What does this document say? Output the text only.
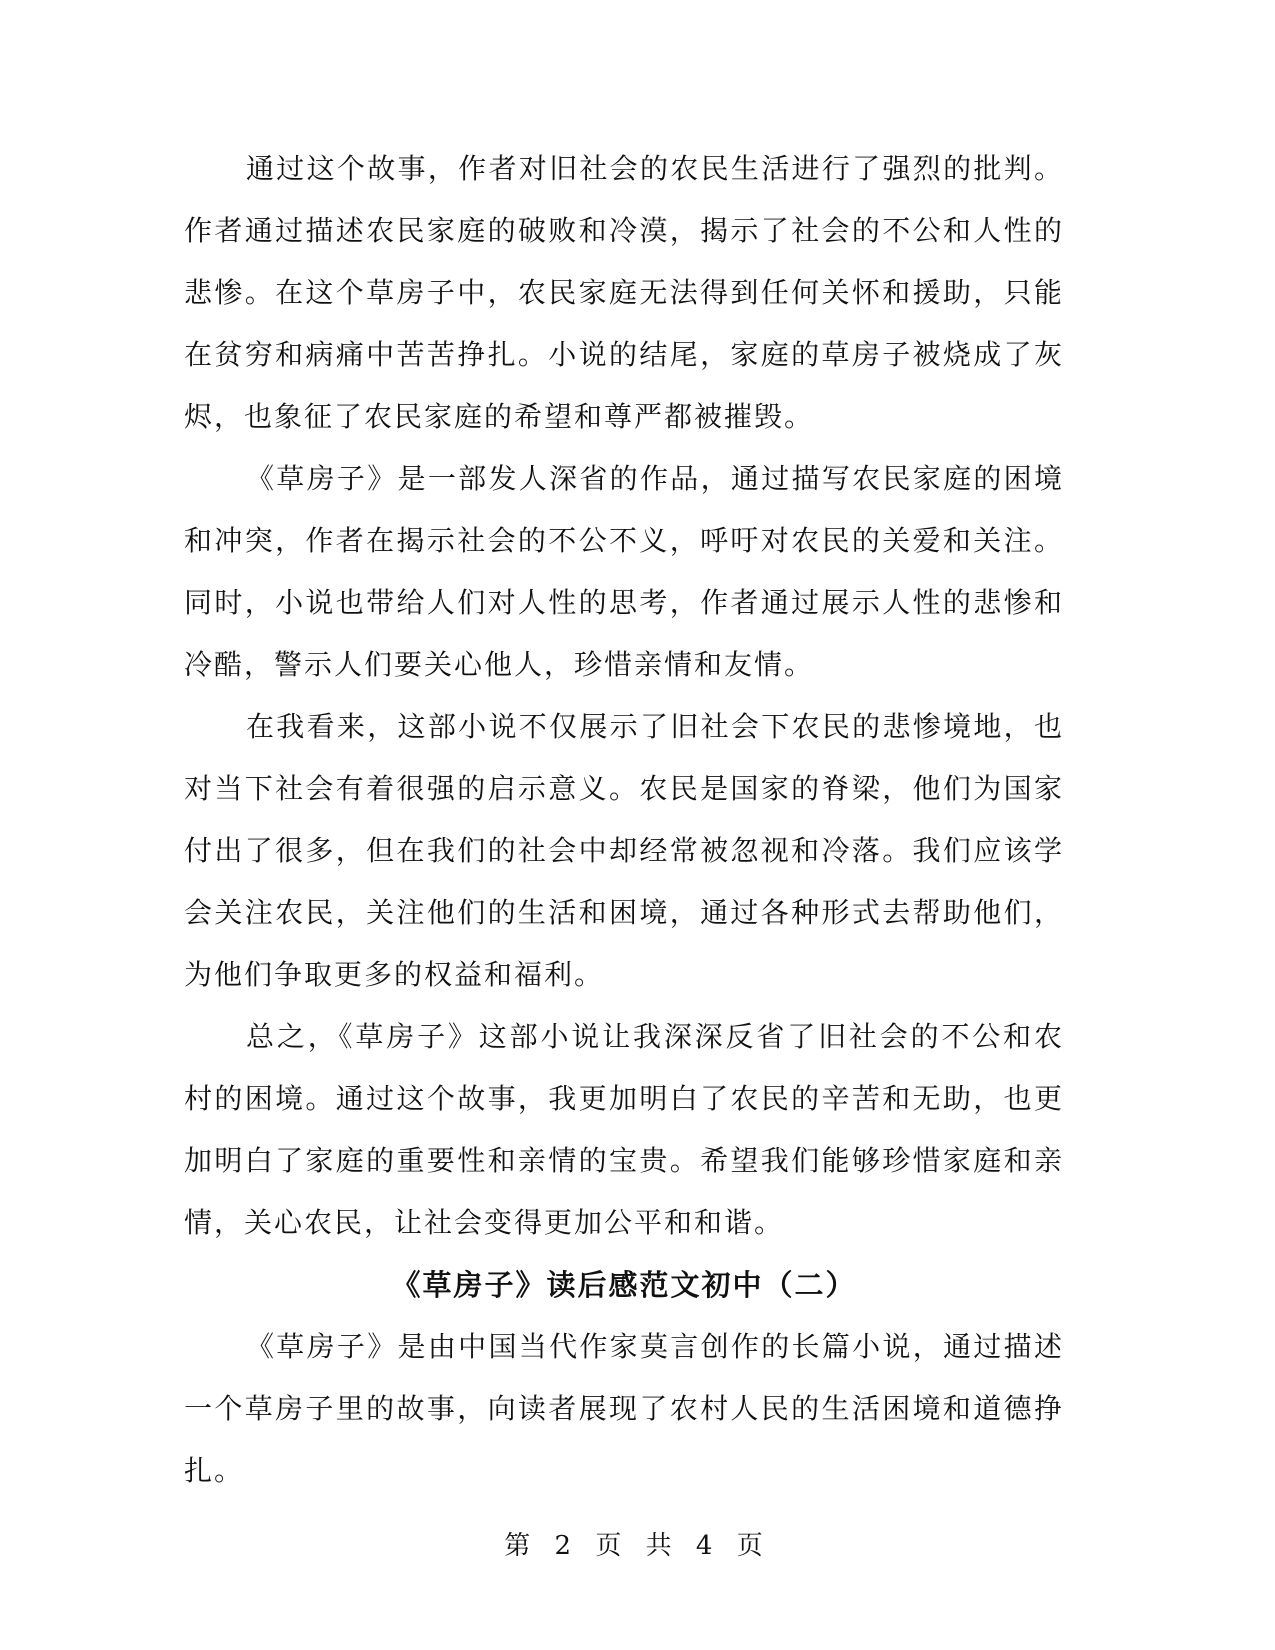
通过这个故事，作者对旧社会的农民生活进行了强烈的批判。作者通过描述农民家庭的破败和冷漠，揭示了社会的不公和人性的悲惨。在这个草房子中，农民家庭无法得到任何关怀和援助，只能在贫穷和病痛中苦苦挣扎。小说的结尾，家庭的草房子被烧成了灰烬，也象征了农民家庭的希望和尊严都被摧毁。

《草房子》是一部发人深省的作品，通过描写农民家庭的困境和冲突，作者在揭示社会的不公不义，呼吁对农民的关爱和关注。同时，小说也带给人们对人性的思考，作者通过展示人性的悲惨和冷酷，警示人们要关心他人，珍惜亲情和友情。

在我看来，这部小说不仅展示了旧社会下农民的悲惨境地，也对当下社会有着很强的启示意义。农民是国家的脊梁，他们为国家付出了很多，但在我们的社会中却经常被忽视和冷落。我们应该学会关注农民，关注他们的生活和困境，通过各种形式去帮助他们，为他们争取更多的权益和福利。

总之，《草房子》这部小说让我深深反省了旧社会的不公和农村的困境。通过这个故事，我更加明白了农民的辛苦和无助，也更加明白了家庭的重要性和亲情的宝贵。希望我们能够珍惜家庭和亲情，关心农民，让社会变得更加公平和和谐。

《草房子》读后感范文初中（二）

《草房子》是由中国当代作家莫言创作的长篇小说，通过描述一个草房子里的故事，向读者展现了农村人民的生活困境和道德挣扎。

第 2 页 共 4 页
